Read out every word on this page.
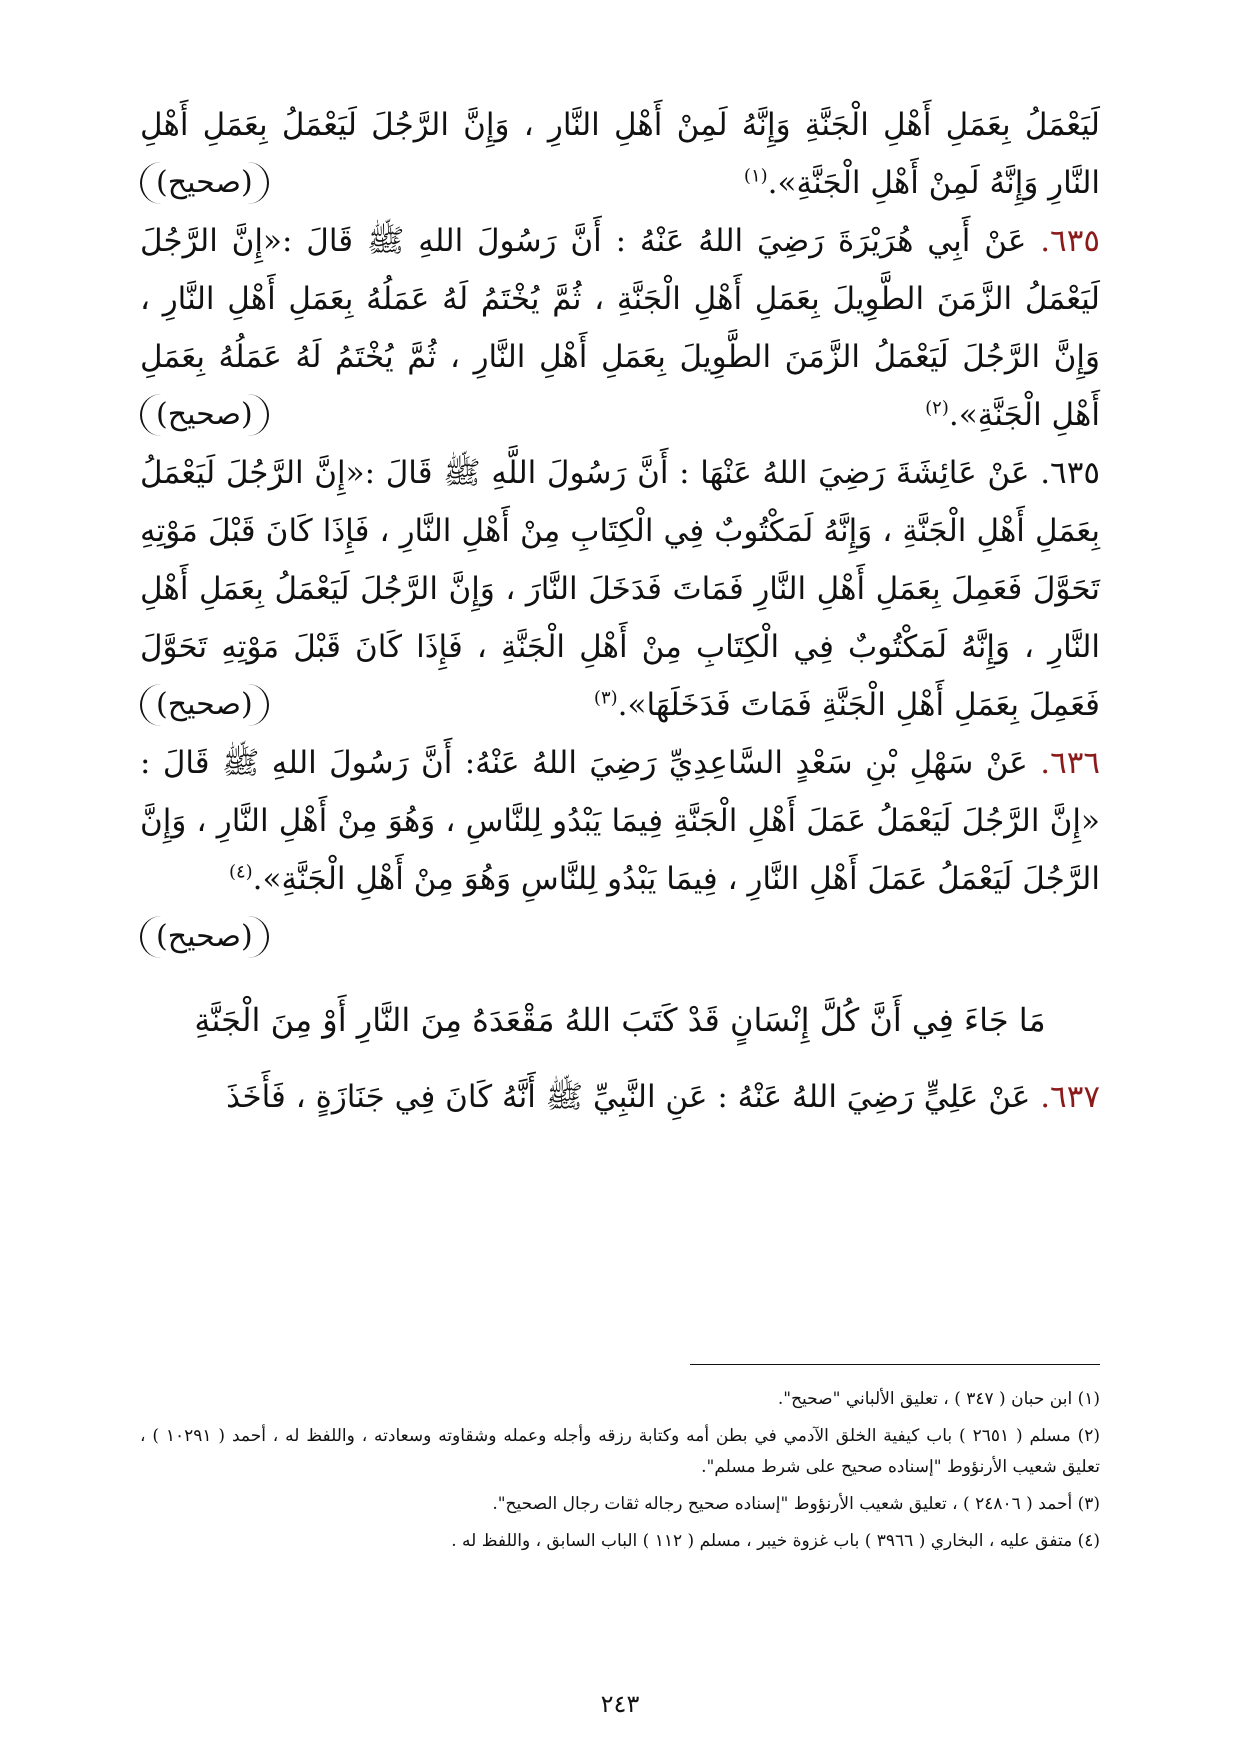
لَيَعْمَلُ بِعَمَلِ أَهْلِ الْجَنَّةِ وَإِنَّهُ لَمِنْ أَهْلِ النَّارِ ، وَإِنَّ الرَّجُلَ لَيَعْمَلُ بِعَمَلِ أَهْلِ النَّارِ وَإِنَّهُ لَمِنْ أَهْلِ الْجَنَّةِ».$^{(١)}$
(صحيح)

٦٣٥. عَنْ أَبِي هُرَيْرَةَ رَضِيَ اللهُ عَنْهُ : أَنَّ رَسُولَ اللهِ ﷺ قَالَ :«إِنَّ الرَّجُلَ لَيَعْمَلُ الزَّمَنَ الطَّوِيلَ بِعَمَلِ أَهْلِ الْجَنَّةِ ، ثُمَّ يُخْتَمُ لَهُ عَمَلُهُ بِعَمَلِ أَهْلِ النَّارِ ، وَإِنَّ الرَّجُلَ لَيَعْمَلُ الزَّمَنَ الطَّوِيلَ بِعَمَلِ أَهْلِ النَّارِ ، ثُمَّ يُخْتَمُ لَهُ عَمَلُهُ بِعَمَلِ أَهْلِ الْجَنَّةِ».$^{(٢)}$
(صحيح)

٦٣٥. عَنْ عَائِشَةَ رَضِيَ اللهُ عَنْهَا : أَنَّ رَسُولَ اللَّهِ ﷺ قَالَ :«إِنَّ الرَّجُلَ لَيَعْمَلُ بِعَمَلِ أَهْلِ الْجَنَّةِ ، وَإِنَّهُ لَمَكْتُوبٌ فِي الْكِتَابِ مِنْ أَهْلِ النَّارِ ، فَإِذَا كَانَ قَبْلَ مَوْتِهِ تَحَوَّلَ فَعَمِلَ بِعَمَلِ أَهْلِ النَّارِ فَمَاتَ فَدَخَلَ النَّارَ ، وَإِنَّ الرَّجُلَ لَيَعْمَلُ بِعَمَلِ أَهْلِ النَّارِ ، وَإِنَّهُ لَمَكْتُوبٌ فِي الْكِتَابِ مِنْ أَهْلِ الْجَنَّةِ ، فَإِذَا كَانَ قَبْلَ مَوْتِهِ تَحَوَّلَ فَعَمِلَ بِعَمَلِ أَهْلِ الْجَنَّةِ فَمَاتَ فَدَخَلَهَا».$^{(٣)}$
(صحيح)

٦٣٦. عَنْ سَهْلِ بْنِ سَعْدٍ السَّاعِدِيِّ رَضِيَ اللهُ عَنْهُ: أَنَّ رَسُولَ اللهِ ﷺ قَالَ : «إِنَّ الرَّجُلَ لَيَعْمَلُ عَمَلَ أَهْلِ الْجَنَّةِ فِيمَا يَبْدُو لِلنَّاسِ ، وَهُوَ مِنْ أَهْلِ النَّارِ ، وَإِنَّ الرَّجُلَ لَيَعْمَلُ عَمَلَ أَهْلِ النَّارِ ، فِيمَا يَبْدُو لِلنَّاسِ وَهُوَ مِنْ أَهْلِ الْجَنَّةِ».$^{(٤)}$
(صحيح)

مَا جَاءَ فِي أَنَّ كُلَّ إِنْسَانٍ قَدْ كَتَبَ اللهُ مَقْعَدَهُ مِنَ النَّارِ أَوْ مِنَ الْجَنَّةِ

٦٣٧. عَنْ عَلِيٍّ رَضِيَ اللهُ عَنْهُ : عَنِ النَّبِيِّ ﷺ أَنَّهُ كَانَ فِي جَنَازَةٍ ، فَأَخَذَ

(١) ابن حبان ( ٣٤٧ ) ، تعليق الألباني "صحيح".

(٢) مسلم ( ٢٦٥١ ) باب كيفية الخلق الآدمي في بطن أمه وكتابة رزقه وأجله وعمله وشقاوته وسعادته ، واللفظ له ، أحمد ( ١٠٢٩١ ) ، تعليق شعيب الأرنؤوط "إسناده صحيح على شرط مسلم".

(٣) أحمد ( ٢٤٨٠٦ ) ، تعليق شعيب الأرنؤوط "إسناده صحيح رجاله ثقات رجال الصحيح".

(٤) متفق عليه ، البخاري ( ٣٩٦٦ ) باب غزوة خيبر ، مسلم ( ١١٢ ) الباب السابق ، واللفظ له .

٢٤٣
